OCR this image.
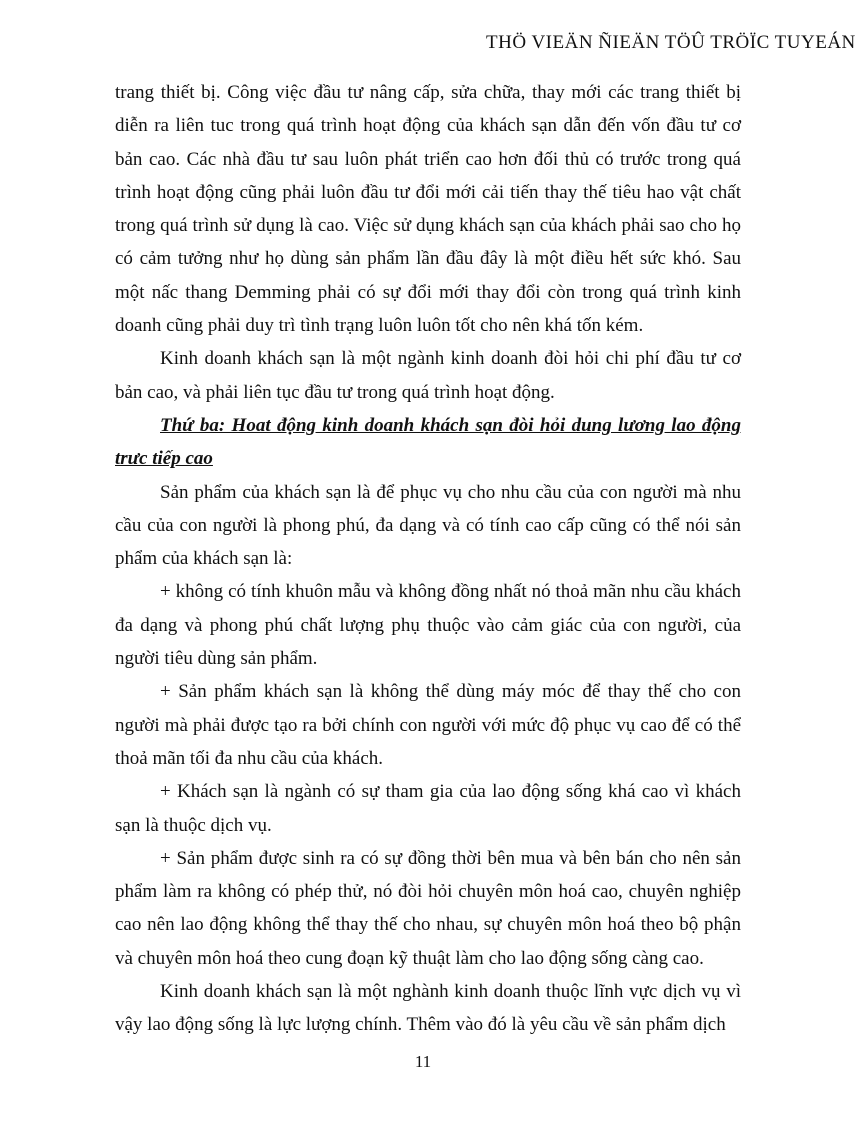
THÖ VIEÄN ÑIEÄN TÖÛ TRÖÏC TUYEÁN

trang thiết bị. Công việc đầu tư nâng cấp, sửa chữa, thay mới các trang thiết bị diễn ra liên tuc trong quá trình hoạt động của khách sạn dẫn đến vốn đầu tư cơ bản cao. Các nhà đầu tư sau luôn phát triển cao hơn đối thủ có trước trong quá trình hoạt động cũng phải luôn đầu tư đổi mới cải tiến thay thế tiêu hao vật chất trong quá trình sử dụng là cao. Việc sử dụng khách sạn của khách phải sao cho họ có cảm tưởng như họ dùng sản phẩm lần đầu đây là một điều hết sức khó. Sau một nấc thang Demming phải có sự đổi mới thay đổi còn trong quá trình kinh doanh cũng phải duy trì tình trạng luôn luôn tốt cho nên khá tốn kém.

Kinh doanh khách sạn là một ngành kinh doanh đòi hỏi chi phí đầu tư cơ bản cao, và phải liên tục đầu tư trong quá trình hoạt động.

Thứ ba: Hoat động kinh doanh khách sạn đòi hỏi dung lương lao động trưc tiếp cao

Sản phẩm của khách sạn là để phục vụ cho nhu cầu của con người mà nhu cầu của con người là phong phú, đa dạng và có tính cao cấp cũng có thể nói sản phẩm của khách sạn là:

+ không có tính khuôn mẫu và không đồng nhất nó thoả mãn nhu cầu khách đa dạng và phong phú chất lượng phụ thuộc vào cảm giác của con người, của người tiêu dùng sản phẩm.

+ Sản phẩm khách sạn là không thể dùng máy móc để thay thế cho con người mà phải được tạo ra bởi chính con người với mức độ phục vụ cao để có thể thoả mãn tối đa nhu cầu của khách.

+ Khách sạn là ngành có sự tham gia của lao động sống khá cao vì khách sạn là thuộc dịch vụ.

+ Sản phẩm được sinh ra có sự đồng thời bên mua và bên bán cho nên sản phẩm làm ra không có phép thử, nó đòi hỏi chuyên môn hoá cao, chuyên nghiệp cao nên lao động không thể thay thế cho nhau, sự chuyên môn hoá theo bộ phận và chuyên môn hoá theo cung đoạn kỹ thuật làm cho lao động sống càng cao.

Kinh doanh khách sạn là một nghành kinh doanh thuộc lĩnh vực dịch vụ vì vậy lao động sống là lực lượng chính. Thêm vào đó là yêu cầu về sản phẩm dịch

11
